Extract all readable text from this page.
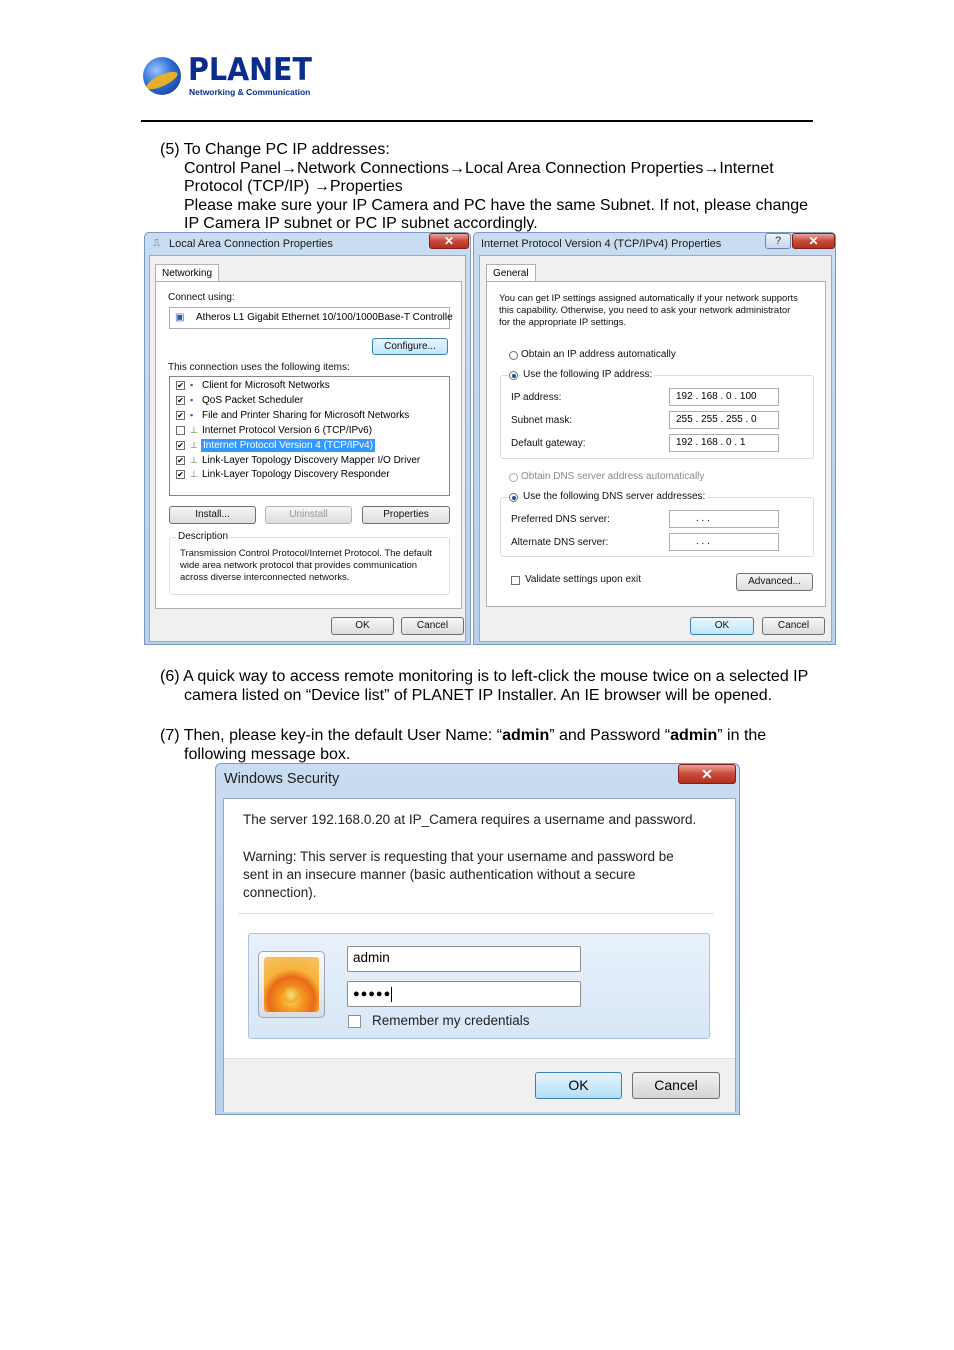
PLANET
Networking & Communication
(5) To Change PC IP addresses:
Control Panel→Network Connections→Local Area Connection Properties→Internet
Protocol (TCP/IP) →Properties
Please make sure your IP Camera and PC have the same Subnet. If not, please change
IP Camera IP subnet or PC IP subnet accordingly.
⎍ Local Area Connection Properties	✕
Networking
Connect using:
▣ Atheros L1 Gigabit Ethernet 10/100/1000Base-T Controlle
Configure...
This connection uses the following items:
✔ ▪ Client for Microsoft Networks
✔ ▪ QoS Packet Scheduler
✔ ▪ File and Printer Sharing for Microsoft Networks
⊥ Internet Protocol Version 6 (TCP/IPv6)
✔ ⊥ Internet Protocol Version 4 (TCP/IPv4)
✔ ⊥ Link-Layer Topology Discovery Mapper I/O Driver
✔ ⊥ Link-Layer Topology Discovery Responder
Install...	Uninstall	Properties
Description
Transmission Control Protocol/Internet Protocol. The default
wide area network protocol that provides communication
across diverse interconnected networks.
OK	Cancel
Internet Protocol Version 4 (TCP/IPv4) Properties	?	✕
General
You can get IP settings assigned automatically if your network supports
this capability. Otherwise, you need to ask your network administrator
for the appropriate IP settings.
Obtain an IP address automatically
Use the following IP address:
IP address:	192 . 168 . 0 . 100
Subnet mask:	255 . 255 . 255 . 0
Default gateway:	192 . 168 . 0 . 1
Obtain DNS server address automatically
Use the following DNS server addresses:
Preferred DNS server:	. . .
Alternate DNS server:	. . .
Validate settings upon exit	Advanced...
OK	Cancel
(6) A quick way to access remote monitoring is to left-click the mouse twice on a selected IP
camera listed on “Device list” of PLANET IP Installer. An IE browser will be opened.
(7) Then, please key-in the default User Name: “admin” and Password “admin” in the
following message box.
Windows Security	✕
The server 192.168.0.20 at IP_Camera requires a username and password.
Warning: This server is requesting that your username and password be
sent in an insecure manner (basic authentication without a secure
connection).
admin
●●●●●
Remember my credentials
OK	Cancel
